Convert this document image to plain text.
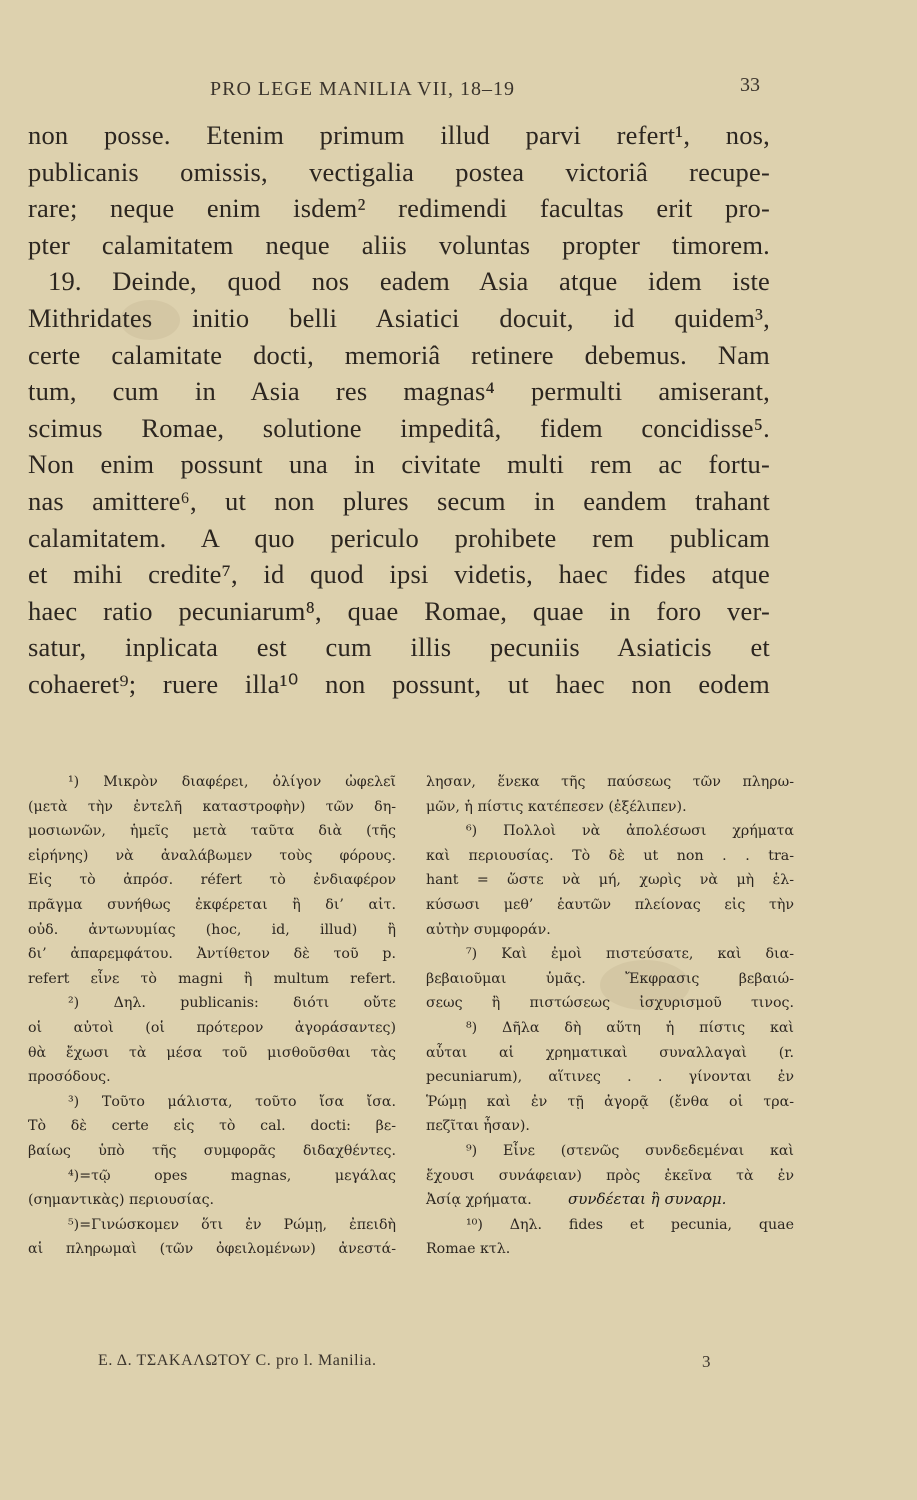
PRO LEGE MANILIA VII, 18–19	33
non posse. Etenim primum illud parvi refert¹, nos,
publicanis omissis, vectigalia postea victoriâ recupe-
rare; neque enim isdem² redimendi facultas erit pro-
pter calamitatem neque aliis voluntas propter timorem.
19. Deinde, quod nos eadem Asia atque idem iste
Mithridates initio belli Asiatici docuit, id quidem³,
certe calamitate docti, memoriâ retinere debemus. Nam
tum, cum in Asia res magnas⁴ permulti amiserant,
scimus Romae, solutione impeditâ, fidem concidisse⁵.
Non enim possunt una in civitate multi rem ac fortu-
nas amittere⁶, ut non plures secum in eandem trahant
calamitatem. A quo periculo prohibete rem publicam
et mihi credite⁷, id quod ipsi videtis, haec fides atque
haec ratio pecuniarum⁸, quae Romae, quae in foro ver-
satur, inplicata est cum illis pecuniis Asiaticis et
cohaeret⁹; ruere illa¹⁰ non possunt, ut haec non eodem
¹) Μικρὸν διαφέρει, ὀλίγον ὠφελεῖ
(μετὰ τὴν ἐντελῆ καταστροφὴν) τῶν δη-
μοσιωνῶν, ἡμεῖς μετὰ ταῦτα διὰ (τῆς
εἰρήνης) νὰ ἀναλάβωμεν τοὺς φόρους.
Εἰς τὸ ἀπρόσ. réfert τὸ ἐνδιαφέρον
πρᾶγμα συνήθως ἐκφέρεται ἢ δι’ αἰτ.
οὐδ. ἀντωνυμίας (hoc, id, illud) ἢ
δι’ ἀπαρεμφάτου. Ἀντίθετον δὲ τοῦ p.
refert εἶνε τὸ magni ἢ multum refert.
²) Δηλ. publicanis: διότι οὔτε
οἱ αὐτοὶ (οἱ πρότερον ἀγοράσαντες)
θὰ ἔχωσι τὰ μέσα τοῦ μισθοῦσθαι τὰς
προσόδους.
³) Τοῦτο μάλιστα, τοῦτο ἴσα ἴσα.
Τὸ δὲ certe εἰς τὸ cal. docti: βε-
βαίως ὑπὸ τῆς συμφορᾶς διδαχθέντες.
⁴)=τῷ opes magnas, μεγάλας
(σημαντικὰς) περιουσίας.
⁵)=Γινώσκομεν ὅτι ἐν Ρώμῃ, ἐπειδὴ
αἱ πληρωμαὶ (τῶν ὀφειλομένων) ἀνεστά-
λησαν, ἕνεκα τῆς παύσεως τῶν πληρω-
μῶν, ἡ πίστις κατέπεσεν (ἐξέλιπεν).
⁶) Πολλοὶ νὰ ἀπολέσωσι χρήματα
καὶ περιουσίας. Τὸ δὲ ut non . . tra-
hant = ὥστε νὰ μή, χωρὶς νὰ μὴ ἑλ-
κύσωσι μεθ’ ἑαυτῶν πλείονας εἰς τὴν
αὐτὴν συμφοράν.
⁷) Καὶ ἐμοὶ πιστεύσατε, καὶ δια-
βεβαιοῦμαι ὑμᾶς. Ἔκφρασις βεβαιώ-
σεως ἢ πιστώσεως ἰσχυρισμοῦ τινος.
⁸) Δῆλα δὴ αὕτη ἡ πίστις καὶ
αὗται αἱ χρηματικαὶ συναλλαγαὶ (r.
pecuniarum), αἵτινες . . γίνονται ἐν
Ῥώμῃ καὶ ἐν τῇ ἀγορᾷ (ἔνθα οἱ τρα-
πεζῖται ἦσαν).
⁹) Εἶνε (στενῶς συνδεδεμέναι καὶ
ἔχουσι συνάφειαν) πρὸς ἐκεῖνα τὰ ἐν
Ἀσίᾳ χρήματα.
¹⁰) Δηλ. fides et pecunia, quae
Romae κτλ.
συνδέεται ἢ συναρμ.
Ε. Δ. ΤΣΑΚΑΛΩΤΟΥ C. pro l. Manilia.	3
